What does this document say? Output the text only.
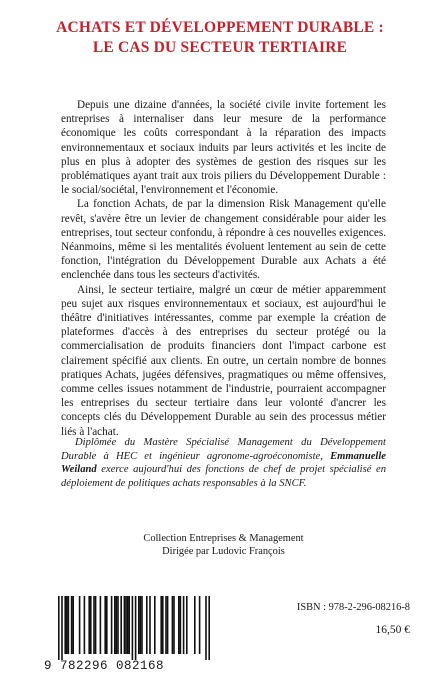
ACHATS ET DÉVELOPPEMENT DURABLE :
LE CAS DU SECTEUR TERTIAIRE

Depuis une dizaine d'années, la société civile invite fortement les entreprises à internaliser dans leur mesure de la performance économique les coûts correspondant à la réparation des impacts environnementaux et sociaux induits par leurs activités et les incite de plus en plus à adopter des systèmes de gestion des risques sur les problématiques ayant trait aux trois piliers du Développement Durable : le social/sociétal, l'environnement et l'économie.

La fonction Achats, de par la dimension Risk Management qu'elle revêt, s'avère être un levier de changement considérable pour aider les entreprises, tout secteur confondu, à répondre à ces nouvelles exigences. Néanmoins, même si les mentalités évoluent lentement au sein de cette fonction, l'intégration du Développement Durable aux Achats a été enclenchée dans tous les secteurs d'activités.

Ainsi, le secteur tertiaire, malgré un cœur de métier apparemment peu sujet aux risques environnementaux et sociaux, est aujourd'hui le théâtre d'initiatives intéressantes, comme par exemple la création de plateformes d'accès à des entreprises du secteur protégé ou la commercialisation de produits financiers dont l'impact carbone est clairement spécifié aux clients. En outre, un certain nombre de bonnes pratiques Achats, jugées défensives, pragmatiques ou même offensives, comme celles issues notamment de l'industrie, pourraient accompagner les entreprises du secteur tertiaire dans leur volonté d'ancrer les concepts clés du Développement Durable au sein des processus métier liés à l'achat.

Diplômée du Mastère Spécialisé Management du Développement Durable à HEC et ingénieur agronome-agroéconomiste, Emmanuelle Weiland exerce aujourd'hui des fonctions de chef de projet spécialisé en déploiement de politiques achats responsables à la SNCF.

Collection Entreprises & Management
Dirigée par Ludovic François
9 782296 082168
ISBN : 978-2-296-08216-8
16,50 €
